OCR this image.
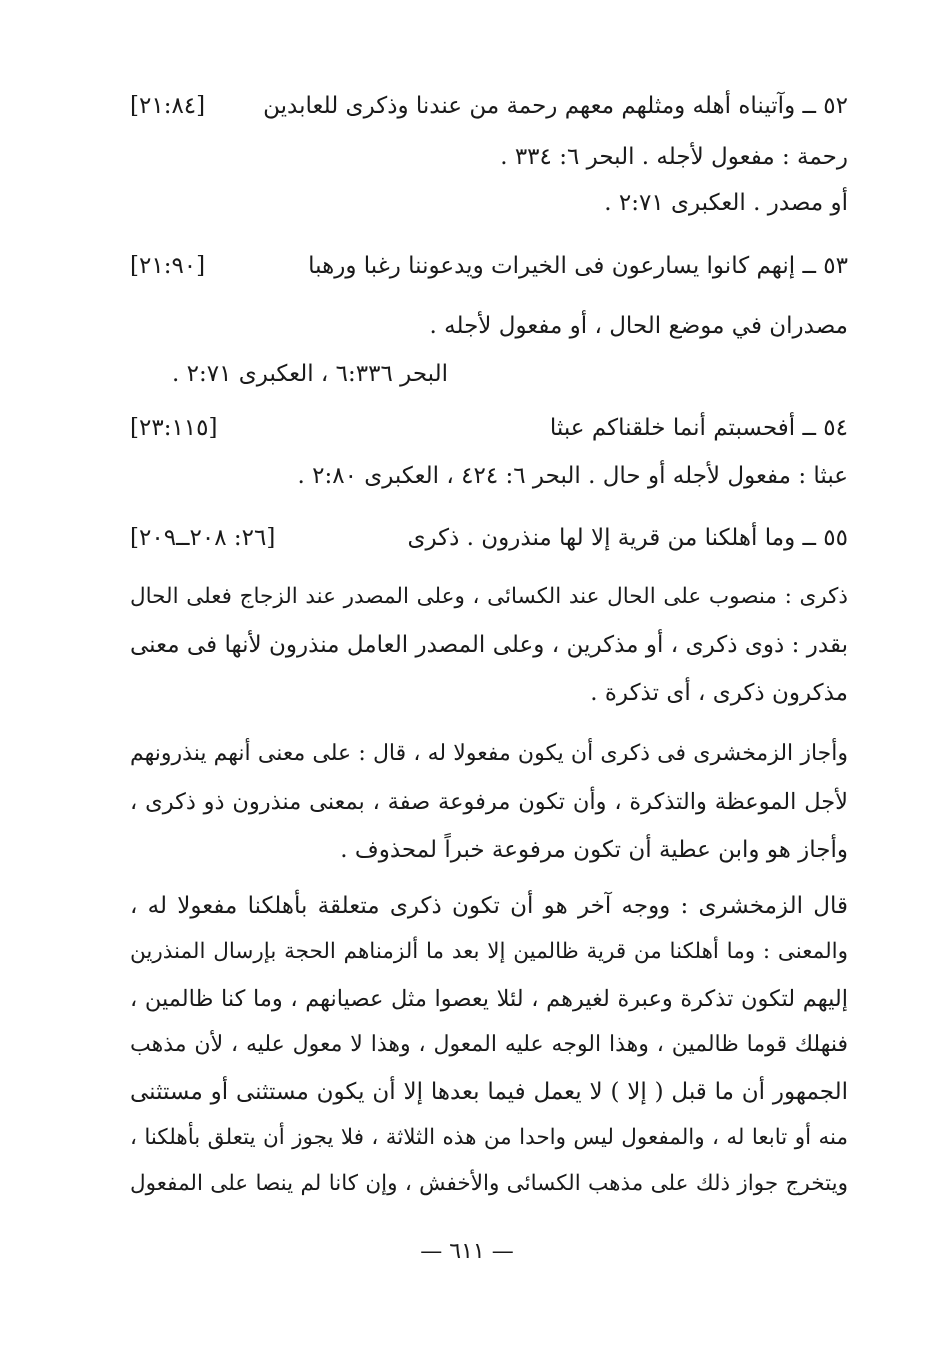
٥٢ ــ وآتيناه أهله ومثلهم معهم رحمة من عندنا وذكرى للعابدين
[٢١:٨٤]
رحمة : مفعول لأجله . البحر ٦: ٣٣٤ .
أو مصدر . العكبرى ٢:٧١ .
٥٣ ــ إنهم كانوا يسارعون فى الخيرات ويدعوننا رغبا ورهبا
[٢١:٩٠]
مصدران في موضع الحال ، أو مفعول لأجله .
البحر ٦:٣٣٦ ، العكبرى ٢:٧١ .
٥٤ ــ أفحسبتم أنما خلقناكم عبثا
[٢٣:١١٥]
عبثا : مفعول لأجله أو حال . البحر ٦: ٤٢٤ ، العكبرى ٢:٨٠ .
٥٥ ــ وما أهلكنا من قرية إلا لها منذرون . ذكرى
[٢٦: ٢٠٨ــ٢٠٩]
ذكرى : منصوب على الحال عند الكسائى ، وعلى المصدر عند الزجاج فعلى الحال
بقدر : ذوى ذكرى ، أو مذكرين ، وعلى المصدر العامل منذرون لأنها فى معنى
مذكرون ذكرى ، أى تذكرة .
وأجاز الزمخشرى فى ذكرى أن يكون مفعولا له ، قال : على معنى أنهم ينذرونهم
لأجل الموعظة والتذكرة ، وأن تكون مرفوعة صفة ، بمعنى منذرون ذو ذكرى ،
وأجاز هو وابن عطية أن تكون مرفوعة خبراً لمحذوف .
قال الزمخشرى : ووجه آخر هو أن تكون ذكرى متعلقة بأهلكنا مفعولا له ،
والمعنى : وما أهلكنا من قرية ظالمين إلا بعد ما ألزمناهم الحجة بإرسال المنذرين
إليهم لتكون تذكرة وعبرة لغيرهم ، لئلا يعصوا مثل عصيانهم ، وما كنا ظالمين ،
فنهلك قوما ظالمين ، وهذا الوجه عليه المعول ، وهذا لا معول عليه ، لأن مذهب
الجمهور أن ما قبل ( إلا ) لا يعمل فيما بعدها إلا أن يكون مستثنى أو مستثنى
منه أو تابعا له ، والمفعول ليس واحدا من هذه الثلاثة ، فلا يجوز أن يتعلق بأهلكنا ،
ويتخرج جواز ذلك على مذهب الكسائى والأخفش ، وإن كانا لم ينصا على المفعول
— ٦١١ —
